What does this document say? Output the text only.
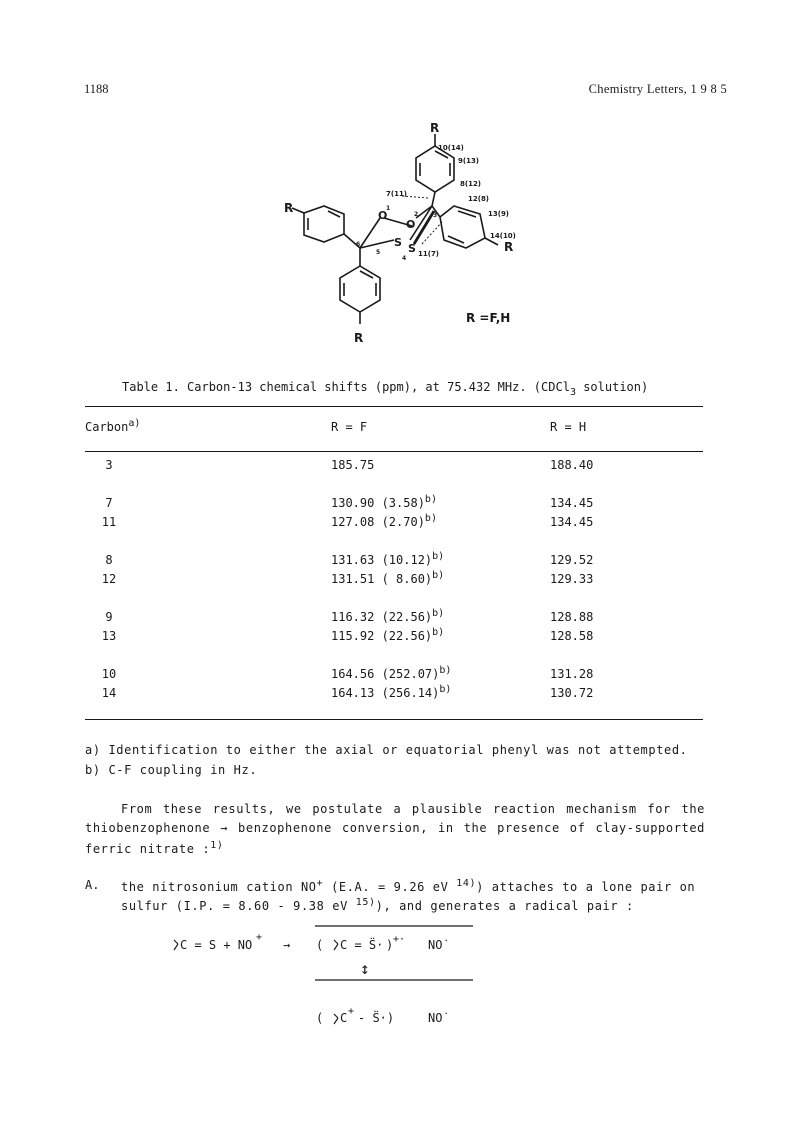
1188	Chemistry Letters, 1 9 8 5
R
10(14)
9(13)
8(12)
7(11)
12(8)
13(9)
14(10)
11(7)	R
R
R
O
1
O
2 3
S
5	S
4
6
R =F,H
Table 1. Carbon-13 chemical shifts (ppm), at 75.432 MHz. (CDCl$_3$ solution)
Carbon$^{a)}$	R = F	R = H
3	185.75	188.40
7	130.90 $(3.58)^{b)}$	134.45
11	127.08 $(2.70)^{b)}$	134.45
8	131.63 $(10.12)^{b)}$	129.52
12	131.51 ( 8.60)$^{b)}$	129.33
9	116.32 $(22.56)^{b)}$	128.88
13	115.92 $(22.56)^{b)}$	128.58
10	164.56 $(252.07)^{b)}$	131.28
14	164.13 $(256.14)^{b)}$	130.72
a) Identification to either the axial or equatorial phenyl was not attempted.
b) C-F coupling in Hz.
From these results, we postulate a plausible reaction mechanism for the
thiobenzophenone → benzophenone conversion, in the presence of clay-supported
ferric nitrate :$^{1)}$
A. the nitrosonium cation NO+ (E.A. = 9.26 eV $^{14)}$) attaches to a lone pair on
sulfur (I.P. = 8.60 - 9.38 eV $^{15)}$), and generates a radical pair :
C = S + NO
+
→ ( C = S̈· ) +· NO˙
↕
( C + - S̈·)	NO˙
